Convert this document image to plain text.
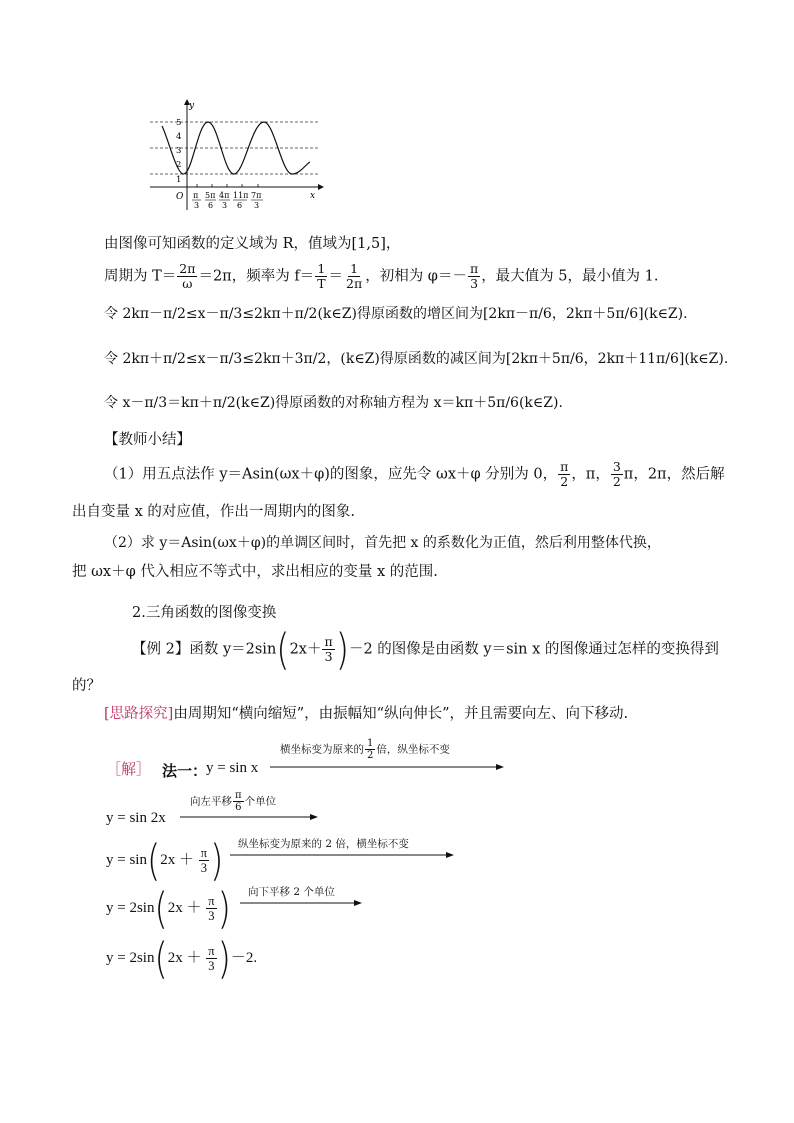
y
x
O
5
4
3
2
1
π
3
5π
6
4π
3
11π
6
7π
3
由图像可知函数的定义域为 R，值域为[1,5]，
周期为 $T= \frac{2\pi}{\omega} =2\pi$，频率为 $f= \frac{1}{T} = \frac{1}{2\pi}$ ，初相为 $\varphi=- \frac{\pi}{3}$ ，最大值为 5，最小值为 1.
令 2kπ－π/2≤x－π/3≤2kπ＋π/2(k∈Z)得原函数的增区间为[2kπ－π/6，2kπ＋5π/6](k∈Z).
令 2kπ＋π/2≤x－π/3≤2kπ＋3π/2，(k∈Z)得原函数的减区间为[2kπ＋5π/6，2kπ＋11π/6](k∈Z).
令 x－π/3＝kπ＋π/2(k∈Z)得原函数的对称轴方程为 x＝kπ＋5π/6(k∈Z).
【教师小结】
（1）用五点法作 y＝Asin(ωx＋φ)的图象，应先令 ωx＋φ 分别为 0， $\frac{\pi}{2}$ ，π， $\frac{3}{2}$ π，2π，然后解
出自变量 x 的对应值，作出一周期内的图象.
（2）求 y＝Asin(ωx＋φ)的单调区间时，首先把 x 的系数化为正值，然后利用整体代换，
把 ωx＋φ 代入相应不等式中，求出相应的变量 x 的范围.
2.三角函数的图像变换
【例 2】函数 $y=2\sin(2x+ \frac{\pi}{3} )-2$ 的图像是由函数 y＝sin x 的图像通过怎样的变换得到
的？
[思路探究]由周期知“横向缩短”，由振幅知“纵向伸长”，并且需要向左、向下移动.
［解］ 法一：
y = sin x
横坐标变为原来的 $\frac{1}{2}$ 倍，纵坐标不变
y = sin 2x
向左平移 $\frac{\pi}{6}$ 个单位
$y = \sin(2x + \frac{\pi}{3}$ ) 纵坐标变为原来的 2 倍，横坐标不变
$y = 2\sin(2x + \frac{\pi}{3}$ ) 向下平移 2 个单位
$y = 2\sin(2x + \frac{\pi}{3} )-2$.
